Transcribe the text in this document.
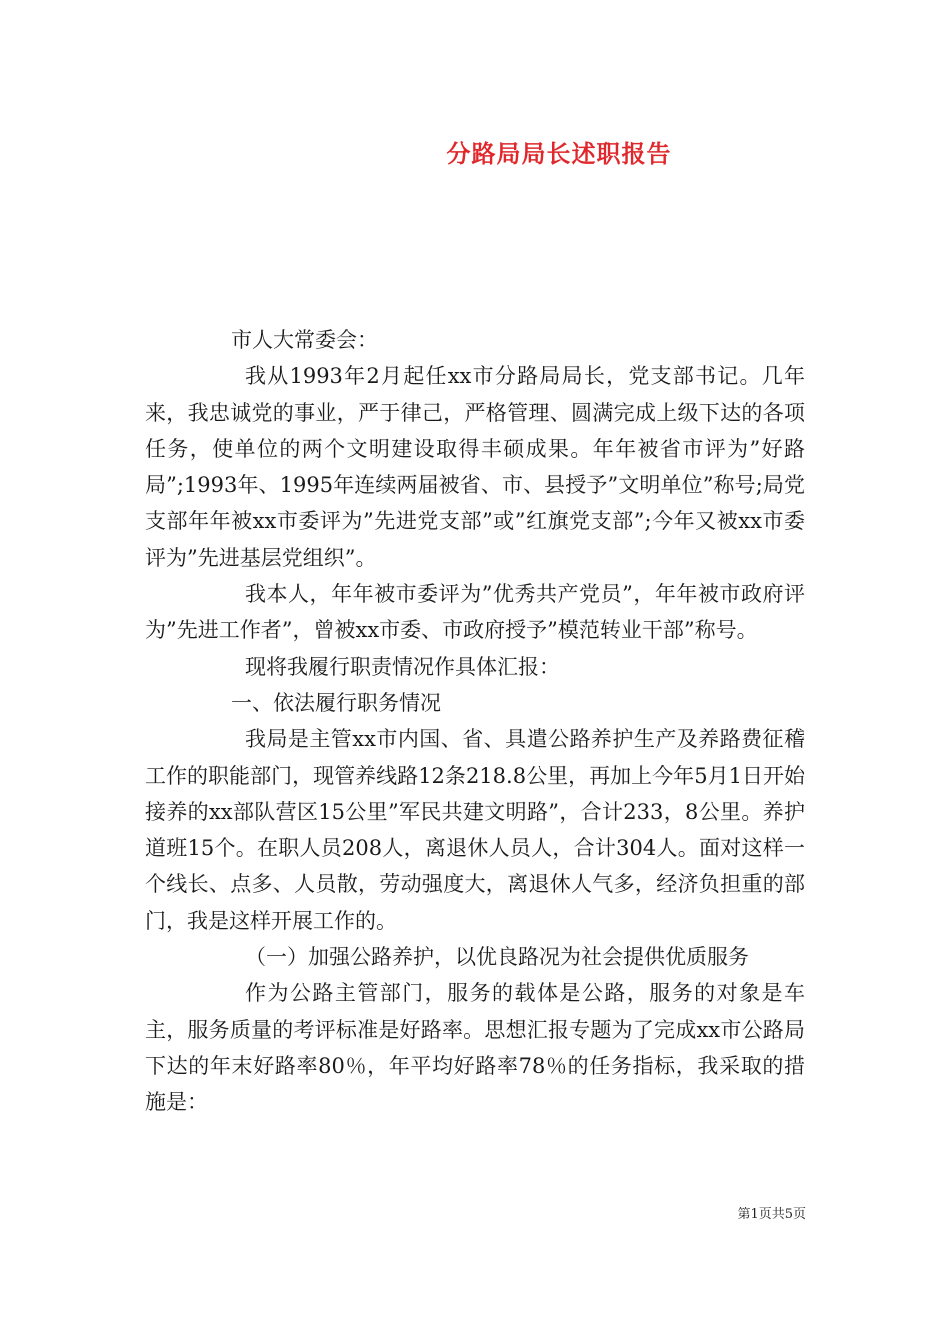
分路局局长述职报告

市人大常委会：

我从1993年2月起任xx市分路局局长，党支部书记。几年来，我忠诚党的事业，严于律己，严格管理、圆满完成上级下达的各项任务，使单位的两个文明建设取得丰硕成果。年年被省市评为”好路局”;1993年、1995年连续两届被省、市、县授予”文明单位”称号;局党支部年年被xx市委评为”先进党支部”或”红旗党支部”;今年又被xx市委评为”先进基层党组织”。

我本人，年年被市委评为”优秀共产党员”，年年被市政府评为”先进工作者”，曾被xx市委、市政府授予”模范转业干部”称号。

现将我履行职责情况作具体汇报：

一、依法履行职务情况

我局是主管xx市内国、省、具遣公路养护生产及养路费征稽工作的职能部门，现管养线路12条218.8公里，再加上今年5月1日开始接养的xx部队营区15公里”军民共建文明路”，合计233，8公里。养护道班15个。在职人员208人，离退休人员人，合计304人。面对这样一个线长、点多、人员散，劳动强度大，离退休人气多，经济负担重的部门，我是这样开展工作的。

（一）加强公路养护，以优良路况为社会提供优质服务

作为公路主管部门，服务的载体是公路，服务的对象是车主，服务质量的考评标准是好路率。思想汇报专题为了完成xx市公路局下达的年末好路率80％，年平均好路率78％的任务指标，我采取的措施是：

第1页共5页
